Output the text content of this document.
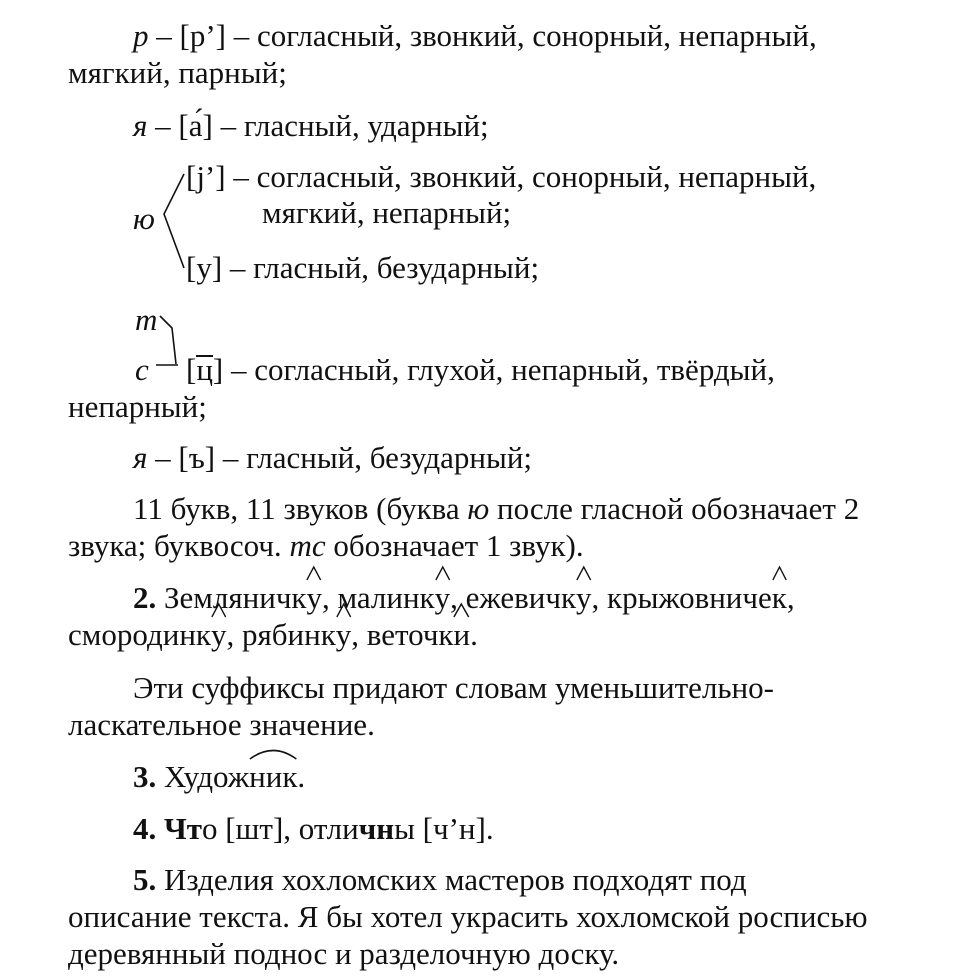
р – [р’] – согласный, звонкий, сонорный, непарный,
мягкий, парный;
я – [а́] – гласный, ударный;
[j’] – согласный, звонкий, сонорный, непарный,
мягкий, непарный;
ю
[у] – гласный, безударный;
т
с [ц] – согласный, глухой, непарный, твёрдый,
непарный;
я – [ъ] – гласный, безударный;
11 букв, 11 звуков (буква ю после гласной обозначает 2
звука; буквосоч. тс обозначает 1 звук).
2. Земляничк
у, малинк
у, ежевичк
у, крыжовниче
к,
смородинк
у, рябинк
у, веточк
и.
Эти суффиксы придают словам уменьшительно-
ласкательное значение.
3. Худож
ник.
4. Что [шт], отличны [ч’н].
5. Изделия хохломских мастеров подходят под
описание текста. Я бы хотел украсить хохломской росписью
деревянный поднос и разделочную доску.
